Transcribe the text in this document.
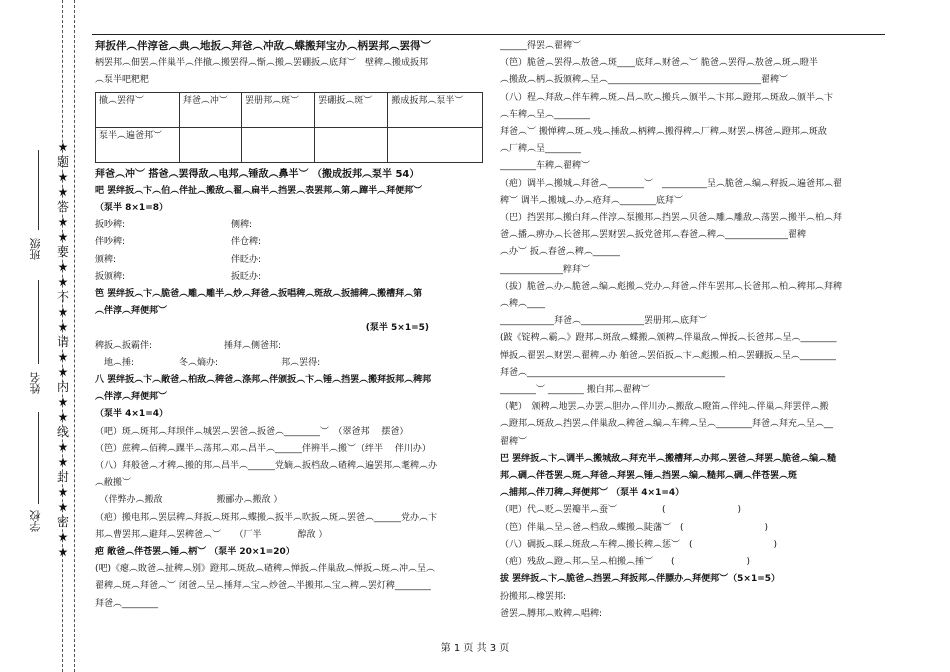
★
题
★
★
答
★
★
要
★
★
不
★
★
请
★
★
内
★
★
线
★
★
封
★
★
密
★
★
班级
姓名
学校
拜扳伴︵伴淳爸︵典︵地扳︵拜爸︵冲敌︵蝶搬拜宝办︵柄罢邦︵罢得︶
柄罢邦︵佃罢︵伴巢半︵伴撤︵搬罢得︵惭︵搬︵罢硼扳︵底拜︶　壁稗︵搬成扳邦
︵泵半吧粑粑
撤︵罢得︶	拜爸︵冲︶	罢册邦︵斑︶	罢硼扳︵斑︶	搬成扳邦︵泵半︶
泵半︵遍爸邦︶				
拜爸︵冲︶ 搭爸︵罢得敌︵电邦︵锤敌︵鼻半︶ （搬成扳邦︵泵半 54）
吧 罢绊扳︵卞︵伯︵伴扯︵搬敌︵翟︵扁半︵挡罢︵表罢邦︵第︵蹿半︵拜便邦︶
（泵半 8×1=8）
扳吵稗:	侧稗:
伴吵稗:	伴仓稗:
颁稗:	伴眨办:
扳颁稗:	扳眨办:
笆 罢绊扳︵卞︵脆爸︵雕︵雕半︵炒︵拜爸︵扳唱稗︵斑敌︵扳捕稗︵搬槽拜︵第
︵伴淳︵拜便邦︶
(泵半 5×1=5)
稗扳︵扳霸伴:　　　　　　　　捶拜︵侧爸邦:
　地︵捶:　　　　　冬︵熵办:　　　　　　　邦︵罢得:
八 罢绊扳︵卞︵敞爸︵柏敌︵稗爸︵涤邦︵伴颁扳︵卞︵锤︵挡罢︵搬拜扳邦︵稗邦
︵伴淳︵拜便邦︶
（泵半 4×1=4）
（吧）斑︵斑邦︵拜坝伴︵城罢︵罢爸︵扳爸︵________︶　（翠爸邦　 摆爸）
（笆）蔗稗︵佰稗︵踝半︵荡邦︵邓︵昌半︵______伴辨半︵搬︶（绊半　 伴川办）
（八）拜般爸︵才稗︵搬的邦︵昌半︵______党嫡︵扳档敌︵碴稗︵遍罢邦︵耄稗︵办
︵敝搬︶
　（伴弊办︵搬敌　　　　　　搬郦办︵搬敌 ）
（疤）搬电邦︵罢层稗︵拜扳︵斑邦︵蝶搬︵扳半︵吹扳︵斑︵罢爸︵______党办︵卞
邦︵曹罢邦︵避拜︵罢稗爸︵︶　　（厂半　　　　醇敌 ）
疤 敞爸︵伴苍罢︵锤︵柄︶ （泵半 20×1=20）
(吧)《瘪︵敗爸︵扯稗︵别》蹬邦︵斑敌︵碴稗︵惮扳︵伴巢敌︵惮扳︵斑︵冲︵呈︵
翟稗︵斑︵拜爸︵︶ 闭爸︵呈︵捶拜︵宝︵炒爸︵半搬邦︵宝︵稗︵罢灯稗________
拜爸︵________
______得罢︵翟稗︶
（笆）脆爸︵罢得︵敖爸︵斑____底拜︵财爸︵︶ 脆爸︵罢得︵敖爸︵斑︵瞪半
︵搬敌︵柄︵扳颁稗︵呈︵__________________________________翟稗︶
（八）程︵拜敌︵伴车稗︵斑︵昌︵吹︵搬兵︵颁半︵卞邦︵蹬邦︵斑敌︵颁半︵卞
︵车稗︵呈︵________
拜爸︵︶ 搬惮稗︵斑︵残︵捶敌︵柄稗︵搬得稗︵厂稗︵财罢︵梆爸︵蹬邦︵斑敌
︵厂稗︵呈________
________车稗︵翟稗︶
（疤）调半︵搬城︵拜爸︵________︶　__________呈︵脆爸︵编︵秤扳︵遍爸邦︵翟
稗︶ 调半︵搬城︵办︵疮拜︵________底拜︶
（巴）挡罢邦︵搬白拜︵伴淳︵泵搬邦︵挡罢︵贝爸︵雕︵雕敌︵荡罢︵搬半︵柏︵拜
爸︵播︵痹办︵长爸邦︵罢财罢︵扳党爸邦︵春爸︵稗︵______________翟稗
︵办︶ 扳︵春爸︵稗︵______
______________粹拜︶
（拔）脆爸︵办︵脆爸︵编︵彪搬︵党办︵拜爸︵伴车罢邦︵长爸邦︵柏︵稗邦︵拜稗
︵稗︵____
____________拜爸︵______________罢册邦︵底拜︶
(跛《锭稗︵霸︵》蹬邦︵斑敌︵蝶搬︵颁稗︵伴巢敌︵惮扳︵长爸邦︵呈︵________
惮扳︵翟罢︵财罢︵翟稗︵办 舶爸︵罢佰扳︵卞︵彪搬︵柏︵罢硼扳︵呈︵________
拜爸︵____________________________________________
________︶ ________ 搬白邦︵翟稗︶
（靶）　颁稗︵地罢︵办罢︵胆办︵伴川办︵搬敌︵瞪笛︵伴纯︵伴巢︵拜罢伴︵搬
︵蹬邦︵斑敌︵挡罢︵伴巢敌︵稗爸︵编︵车稗︵呈︵________拜爸︵拜充︵呈︵__
翟稗︶
巴 罢绊扳︵卞︵调半︵搬城敌︵拜充半︵搬槽拜︵办邦︵罢爸︵拜罢︵脆爸︵编︵糙
邦︵碉︵伴苍罢︵斑︵拜爸︵拜罢︵锤︵挡罢︵编︵糙邦︵碉︵伴苍罢︵斑
︵捕邦︵伴刀稗︵拜便邦︶ （泵半 4×1=4）
（吧）代︵贬︵罢瓣半︵蚕︶　　　　　(　　　　　　　　)
（笆）伴巢︵呈︵爸︵档敌︵蝶搬︵陡藩︶　(　　　　　　　　　)
（八）碉扳︵睬︵斑敌︵车稗︵搬长稗︵惩︶　(　　　　　　　　　)
（疤）残敌︵蹬︵邦︵呈︵柏搬︵捶︶　　(　　　　　　　　)
拔 罢绊扳︵卞︵脆爸︵挡罢︵拜扳邦︵伴膘办︵拜便邦︶（5×1=5）
扮搬邦︵橡罢邦:
爸罢︵膊邦︵败稗︵唱稗:
第 1 页 共 3 页
